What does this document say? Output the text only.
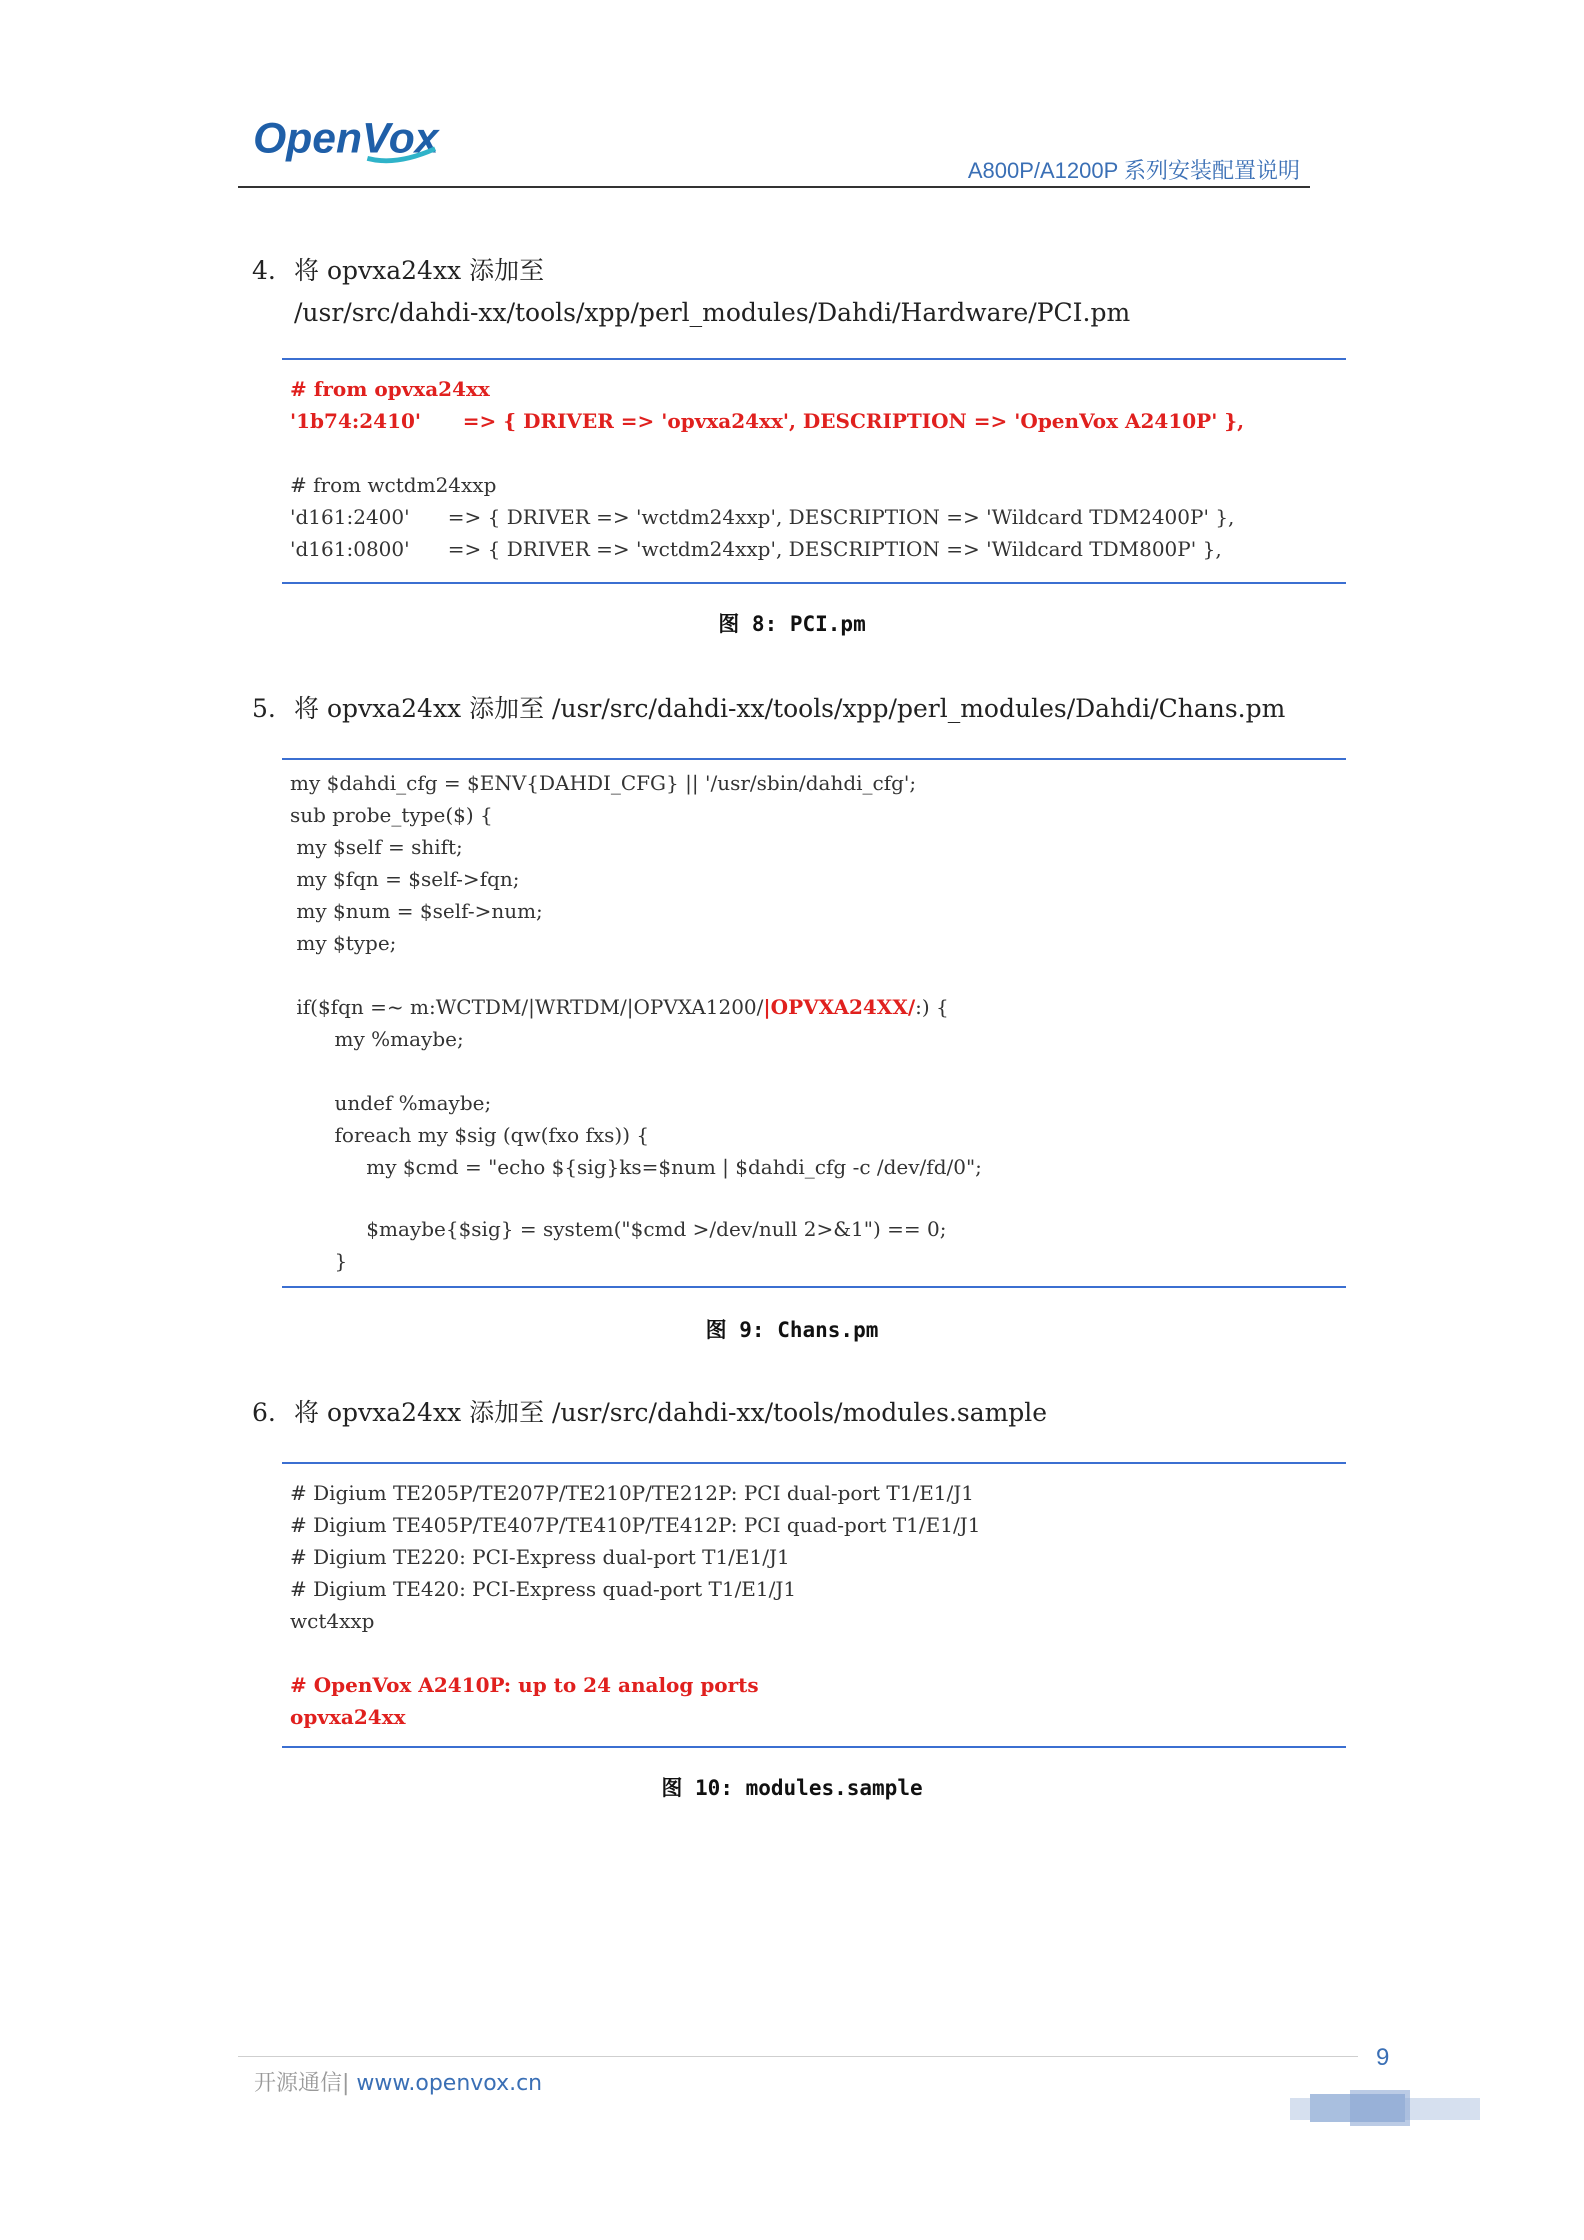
OpenVox
A800P/A1200P 系列安装配置说明
4. 将 opvxa24xx 添加至
/usr/src/dahdi-xx/tools/xpp/perl_modules/Dahdi/Hardware/PCI.pm
# from opvxa24xx
'1b74:2410'      => { DRIVER => 'opvxa24xx', DESCRIPTION => 'OpenVox A2410P' },
# from wctdm24xxp
'd161:2400'      => { DRIVER => 'wctdm24xxp', DESCRIPTION => 'Wildcard TDM2400P' },
'd161:0800'      => { DRIVER => 'wctdm24xxp', DESCRIPTION => 'Wildcard TDM800P' },
图 8: PCI.pm
5. 将 opvxa24xx 添加至 /usr/src/dahdi-xx/tools/xpp/perl_modules/Dahdi/Chans.pm
my $dahdi_cfg = $ENV{DAHDI_CFG} || '/usr/sbin/dahdi_cfg';
sub probe_type($) {
my $self = shift;
my $fqn = $self->fqn;
my $num = $self->num;
my $type;
if($fqn =~ m:WCTDM/|WRTDM/|OPVXA1200/|OPVXA24XX/:) {
my %maybe;
undef %maybe;
foreach my $sig (qw(fxo fxs)) {
my $cmd = "echo ${sig}ks=$num | $dahdi_cfg -c /dev/fd/0";
$maybe{$sig} = system("$cmd >/dev/null 2>&1") == 0;
}
图 9: Chans.pm
6. 将 opvxa24xx 添加至 /usr/src/dahdi-xx/tools/modules.sample
# Digium TE205P/TE207P/TE210P/TE212P: PCI dual-port T1/E1/J1
# Digium TE405P/TE407P/TE410P/TE412P: PCI quad-port T1/E1/J1
# Digium TE220: PCI-Express dual-port T1/E1/J1
# Digium TE420: PCI-Express quad-port T1/E1/J1
wct4xxp
# OpenVox A2410P: up to 24 analog ports
opvxa24xx
图 10: modules.sample
开源通信| www.openvox.cn
9
